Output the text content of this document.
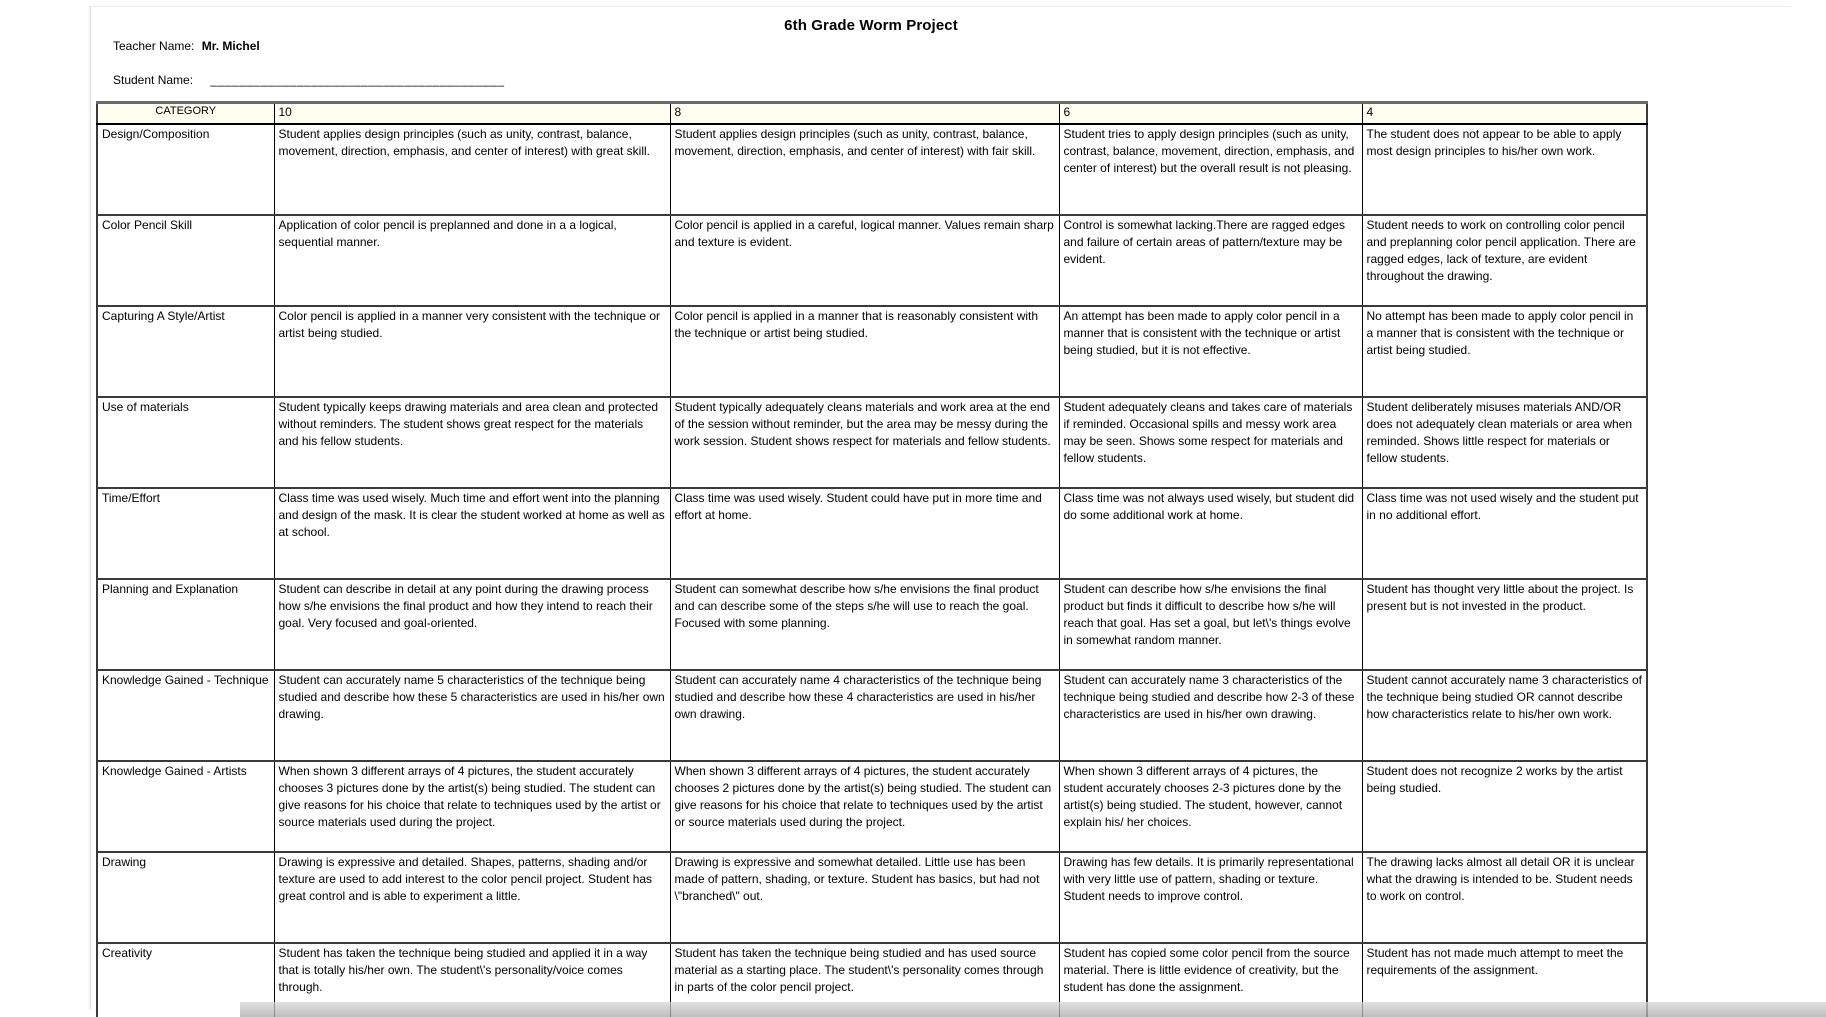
6th Grade Worm Project
Teacher Name: Mr. Michel
Student Name: _________________________________________
CATEGORY	10	8	6	4
Design/Composition	Student applies design principles (such as unity, contrast, balance, movement, direction, emphasis, and center of interest) with great skill.	Student applies design principles (such as unity, contrast, balance, movement, direction, emphasis, and center of interest) with fair skill.	Student tries to apply design principles (such as unity, contrast, balance, movement, direction, emphasis, and center of interest) but the overall result is not pleasing.	The student does not appear to be able to apply most design principles to his/her own work.
Color Pencil Skill	Application of color pencil is preplanned and done in a a logical, sequential manner.	Color pencil is applied in a careful, logical manner. Values remain sharp and texture is evident.	Control is somewhat lacking.There are ragged edges and failure of certain areas of pattern/texture may be evident.	Student needs to work on controlling color pencil and preplanning color pencil application. There are ragged edges, lack of texture, are evident throughout the drawing.
Capturing A Style/Artist	Color pencil is applied in a manner very consistent with the technique or artist being studied.	Color pencil is applied in a manner that is reasonably consistent with the technique or artist being studied.	An attempt has been made to apply color pencil in a manner that is consistent with the technique or artist being studied, but it is not effective.	No attempt has been made to apply color pencil in a manner that is consistent with the technique or artist being studied.
Use of materials	Student typically keeps drawing materials and area clean and protected without reminders. The student shows great respect for the materials and his fellow students.	Student typically adequately cleans materials and work area at the end of the session without reminder, but the area may be messy during the work session. Student shows respect for materials and fellow students.	Student adequately cleans and takes care of materials if reminded. Occasional spills and messy work area may be seen. Shows some respect for materials and fellow students.	Student deliberately misuses materials AND/OR does not adequately clean materials or area when reminded. Shows little respect for materials or fellow students.
Time/Effort	Class time was used wisely. Much time and effort went into the planning and design of the mask. It is clear the student worked at home as well as at school.	Class time was used wisely. Student could have put in more time and effort at home.	Class time was not always used wisely, but student did do some additional work at home.	Class time was not used wisely and the student put in no additional effort.
Planning and Explanation	Student can describe in detail at any point during the drawing process how s/he envisions the final product and how they intend to reach their goal. Very focused and goal-oriented.	Student can somewhat describe how s/he envisions the final product and can describe some of the steps s/he will use to reach the goal. Focused with some planning.	Student can describe how s/he envisions the final product but finds it difficult to describe how s/he will reach that goal. Has set a goal, but let\'s things evolve in somewhat random manner.	Student has thought very little about the project. Is present but is not invested in the product.
Knowledge Gained - Technique	Student can accurately name 5 characteristics of the technique being studied and describe how these 5 characteristics are used in his/her own drawing.	Student can accurately name 4 characteristics of the technique being studied and describe how these 4 characteristics are used in his/her own drawing.	Student can accurately name 3 characteristics of the technique being studied and describe how 2-3 of these characteristics are used in his/her own drawing.	Student cannot accurately name 3 characteristics of the technique being studied OR cannot describe how characteristics relate to his/her own work.
Knowledge Gained - Artists	When shown 3 different arrays of 4 pictures, the student accurately chooses 3 pictures done by the artist(s) being studied. The student can give reasons for his choice that relate to techniques used by the artist or source materials used during the project.	When shown 3 different arrays of 4 pictures, the student accurately chooses 2 pictures done by the artist(s) being studied. The student can give reasons for his choice that relate to techniques used by the artist or source materials used during the project.	When shown 3 different arrays of 4 pictures, the student accurately chooses 2-3 pictures done by the artist(s) being studied. The student, however, cannot explain his/ her choices.	Student does not recognize 2 works by the artist being studied.
Drawing	Drawing is expressive and detailed. Shapes, patterns, shading and/or texture are used to add interest to the color pencil project. Student has great control and is able to experiment a little.	Drawing is expressive and somewhat detailed. Little use has been made of pattern, shading, or texture. Student has basics, but had not \"branched\" out.	Drawing has few details. It is primarily representational with very little use of pattern, shading or texture. Student needs to improve control.	The drawing lacks almost all detail OR it is unclear what the drawing is intended to be. Student needs to work on control.
Creativity	Student has taken the technique being studied and applied it in a way that is totally his/her own. The student\'s personality/voice comes through.	Student has taken the technique being studied and has used source material as a starting place. The student\'s personality comes through in parts of the color pencil project.	Student has copied some color pencil from the source material. There is little evidence of creativity, but the student has done the assignment.	Student has not made much attempt to meet the requirements of the assignment.
